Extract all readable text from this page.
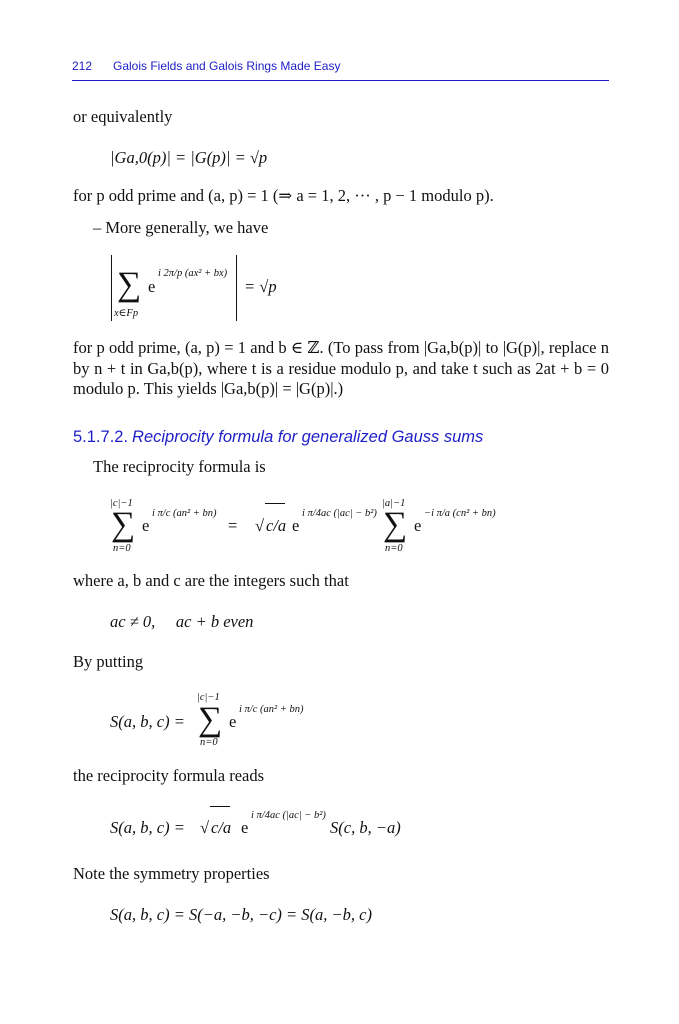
212 Galois Fields and Galois Rings Made Easy
or equivalently
|Ga,0(p)| = |G(p)| = √p
for p odd prime and (a, p) = 1 (⇒ a = 1, 2, ··· , p − 1 modulo p).
– More generally, we have
∑ e
i 2π/p (ax² + bx)
x∈Fp
= √p
for p odd prime, (a, p) = 1 and b ∈ ℤ. (To pass from |Ga,b(p)| to |G(p)|, replace n by n + t in Ga,b(p), where t is a residue modulo p, and take t such as 2at + b = 0 modulo p. This yields |Ga,b(p)| = |G(p)|.)
5.1.7.2. Reciprocity formula for generalized Gauss sums
The reciprocity formula is
|c|−1
∑
n=0
e
i π/c (an² + bn)
= √ c/a e
i π/4ac (|ac| − b²)
|a|−1
∑
n=0
e
−i π/a (cn² + bn)
where a, b and c are the integers such that
ac ≠ 0,     ac + b even
By putting
S(a, b, c) =
|c|−1
∑
n=0
e
i π/c (an² + bn)
the reciprocity formula reads
S(a, b, c) = √ c/a e
i π/4ac (|ac| − b²)
S(c, b, −a)
Note the symmetry properties
S(a, b, c) = S(−a, −b, −c) = S(a, −b, c)
